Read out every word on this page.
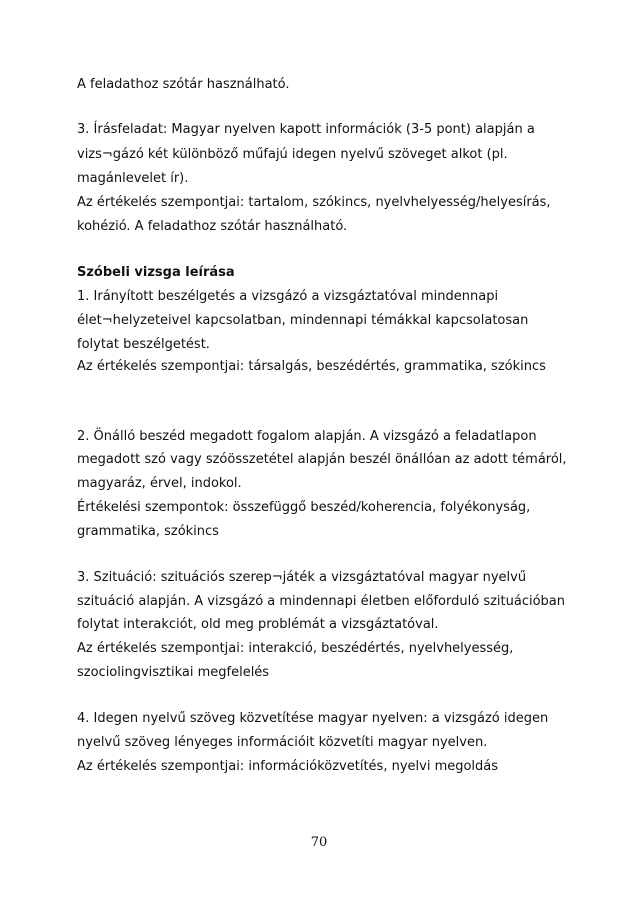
A feladathoz szótár használható.
3. Írásfeladat: Magyar nyelven kapott információk (3-5 pont) alapján a
vizs¬gázó két különböző műfajú idegen nyelvű szöveget alkot (pl.
magánlevelet ír).
Az értékelés szempontjai: tartalom, szókincs, nyelvhelyesség/helyesírás,
kohézió. A feladathoz szótár használható.
Szóbeli vizsga leírása
1. Irányított beszélgetés a vizsgázó a vizsgáztatóval mindennapi
élet¬helyzeteivel kapcsolatban, mindennapi témákkal kapcsolatosan
folytat beszélgetést.
Az értékelés szempontjai: társalgás, beszédértés, grammatika, szókincs
2. Önálló beszéd megadott fogalom alapján. A vizsgázó a feladatlapon
megadott szó vagy szóösszetétel alapján beszél önállóan az adott témáról,
magyaráz, érvel, indokol.
Értékelési szempontok: összefüggő beszéd/koherencia, folyékonyság,
grammatika, szókincs
3. Szituáció: szituációs szerep¬játék a vizsgáztatóval magyar nyelvű
szituáció alapján. A vizsgázó a mindennapi életben előforduló szituációban
folytat interakciót, old meg problémát a vizsgáztatóval.
Az értékelés szempontjai: interakció, beszédértés, nyelvhelyesség,
szociolingvisztikai megfelelés
4. Idegen nyelvű szöveg közvetítése magyar nyelven: a vizsgázó idegen
nyelvű szöveg lényeges információit közvetíti magyar nyelven.
Az értékelés szempontjai: információközvetítés, nyelvi megoldás
70
